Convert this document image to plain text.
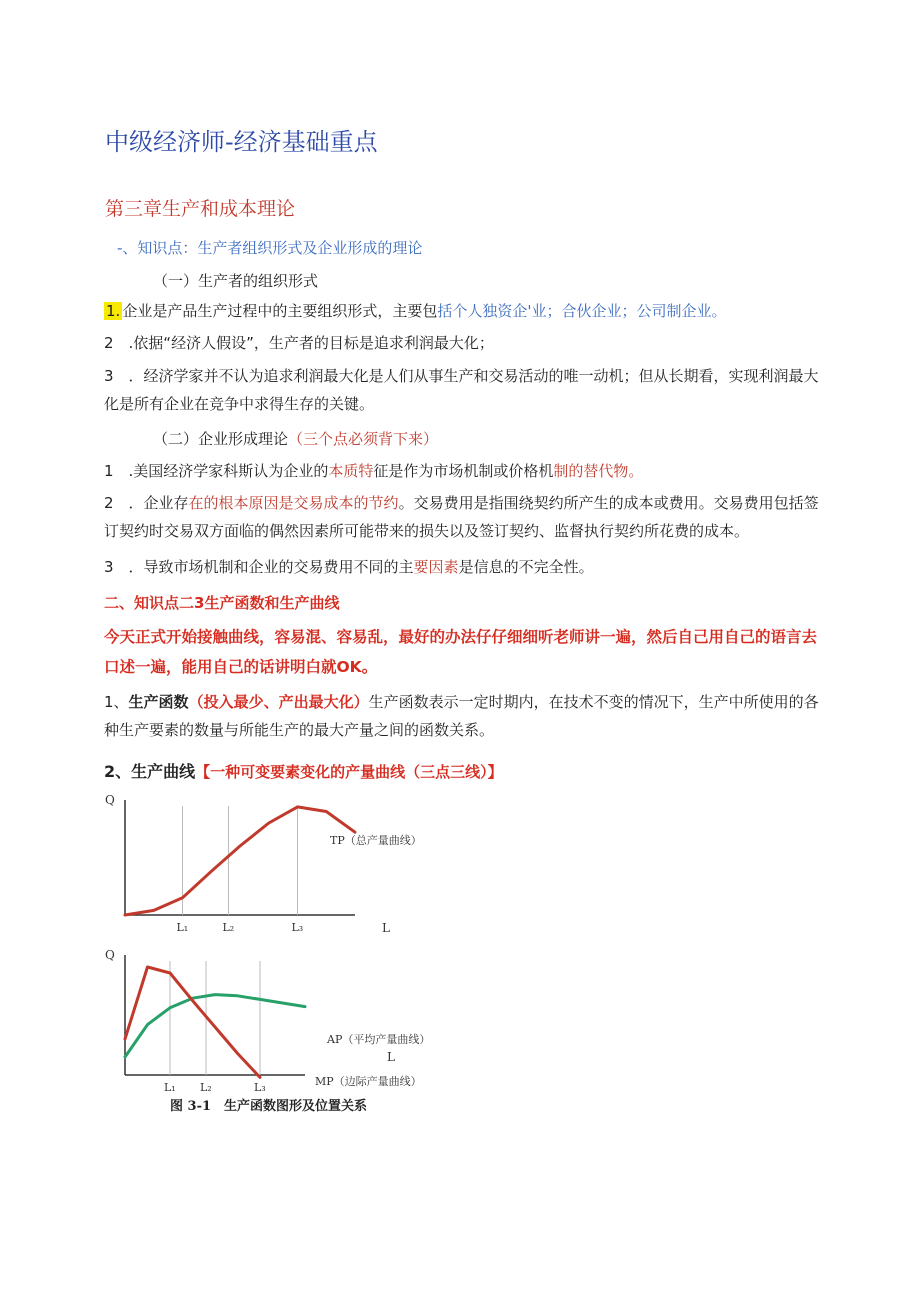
中级经济师-经济基础重点
第三章生产和成本理论
-、知识点：生产者组织形式及企业形成的理论
（一）生产者的组织形式
1. 企业是产品生产过程中的主要组织形式，主要包括个人独资企'业；合伙企业；公司制企业。
2　.依据“经济人假设”，生产者的目标是追求利润最大化；
3　．经济学家并不认为追求利润最大化是人们从事生产和交易活动的唯一动机；但从长期看，实现利润最大化是所有企业在竞争中求得生存的关键。
（二）企业形成理论（三个点必须背下来）
1　.美国经济学家科斯认为企业的本质特征是作为市场机制或价格机制的替代物。
2　．企业存在的根本原因是交易成本的节约。交易费用是指围绕契约所产生的成本或费用。交易费用包括签订契约时交易双方面临的偶然因素所可能带来的损失以及签订契约、监督执行契约所花费的成本。
3　．导致市场机制和企业的交易费用不同的主要因素是信息的不完全性。
二、知识点二3生产函数和生产曲线
今天正式开始接触曲线，容易混、容易乱，最好的办法仔仔细细听老师讲一遍，然后自己用自己的语言去口述一遍，能用自己的话讲明白就OK。
1、生产函数（投入最少、产出最大化）生产函数表示一定时期内，在技术不变的情况下，生产中所使用的各种生产要素的数量与所能生产的最大产量之间的函数关系。
2、生产曲线【一种可变要素变化的产量曲线（三点三线）】
Q
L
L₁	L₂	L₃
TP（总产量曲线）
Q
L
L₁ L₂	L₃
AP（平均产量曲线）
MP（边际产量曲线）
图 3-1　生产函数图形及位置关系
